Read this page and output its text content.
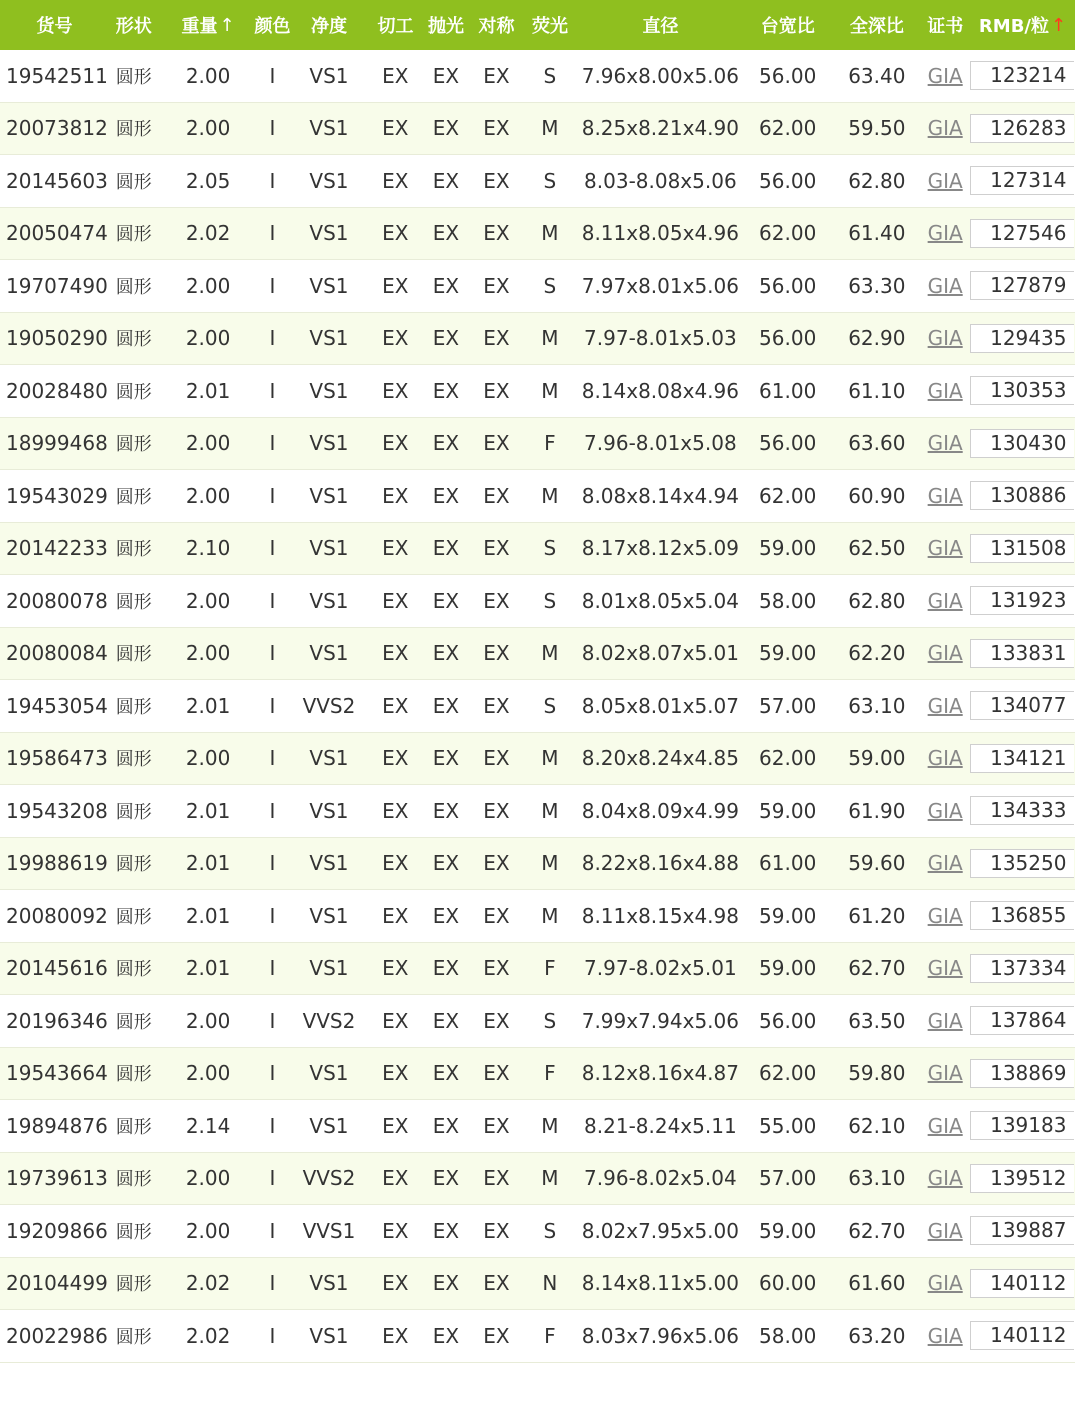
货号 形状 重量 ↑ 颜色 净度 切工 抛光 对称 荧光	直径	台宽比 全深比 证书 RMB/粒 ↑
19542511 圆形 2.00 I VS1 EX EX EX S 7.96x8.00x5.06 56.00 63.40 GIA	123214
20073812 圆形 2.00 I VS1 EX EX EX M 8.25x8.21x4.90 62.00 59.50 GIA	126283
20145603 圆形 2.05 I VS1 EX EX EX S 8.03-8.08x5.06 56.00 62.80 GIA	127314
20050474 圆形 2.02 I VS1 EX EX EX M 8.11x8.05x4.96 62.00 61.40 GIA	127546
19707490 圆形 2.00 I VS1 EX EX EX S 7.97x8.01x5.06 56.00 63.30 GIA	127879
19050290 圆形 2.00 I VS1 EX EX EX M 7.97-8.01x5.03 56.00 62.90 GIA	129435
20028480 圆形 2.01 I VS1 EX EX EX M 8.14x8.08x4.96 61.00 61.10 GIA	130353
18999468 圆形 2.00 I VS1 EX EX EX F 7.96-8.01x5.08 56.00 63.60 GIA	130430
19543029 圆形 2.00 I VS1 EX EX EX M 8.08x8.14x4.94 62.00 60.90 GIA	130886
20142233 圆形 2.10 I VS1 EX EX EX S 8.17x8.12x5.09 59.00 62.50 GIA	131508
20080078 圆形 2.00 I VS1 EX EX EX S 8.01x8.05x5.04 58.00 62.80 GIA	131923
20080084 圆形 2.00 I VS1 EX EX EX M 8.02x8.07x5.01 59.00 62.20 GIA	133831
19453054 圆形 2.01 I VVS2 EX EX EX S 8.05x8.01x5.07 57.00 63.10 GIA	134077
19586473 圆形 2.00 I VS1 EX EX EX M 8.20x8.24x4.85 62.00 59.00 GIA	134121
19543208 圆形 2.01 I VS1 EX EX EX M 8.04x8.09x4.99 59.00 61.90 GIA	134333
19988619 圆形 2.01 I VS1 EX EX EX M 8.22x8.16x4.88 61.00 59.60 GIA	135250
20080092 圆形 2.01 I VS1 EX EX EX M 8.11x8.15x4.98 59.00 61.20 GIA	136855
20145616 圆形 2.01 I VS1 EX EX EX F 7.97-8.02x5.01 59.00 62.70 GIA	137334
20196346 圆形 2.00 I VVS2 EX EX EX S 7.99x7.94x5.06 56.00 63.50 GIA	137864
19543664 圆形 2.00 I VS1 EX EX EX F 8.12x8.16x4.87 62.00 59.80 GIA	138869
19894876 圆形 2.14 I VS1 EX EX EX M 8.21-8.24x5.11 55.00 62.10 GIA	139183
19739613 圆形 2.00 I VVS2 EX EX EX M 7.96-8.02x5.04 57.00 63.10 GIA	139512
19209866 圆形 2.00 I VVS1 EX EX EX S 8.02x7.95x5.00 59.00 62.70 GIA	139887
20104499 圆形 2.02 I VS1 EX EX EX N 8.14x8.11x5.00 60.00 61.60 GIA	140112
20022986 圆形 2.02 I VS1 EX EX EX F 8.03x7.96x5.06 58.00 63.20 GIA	140112
